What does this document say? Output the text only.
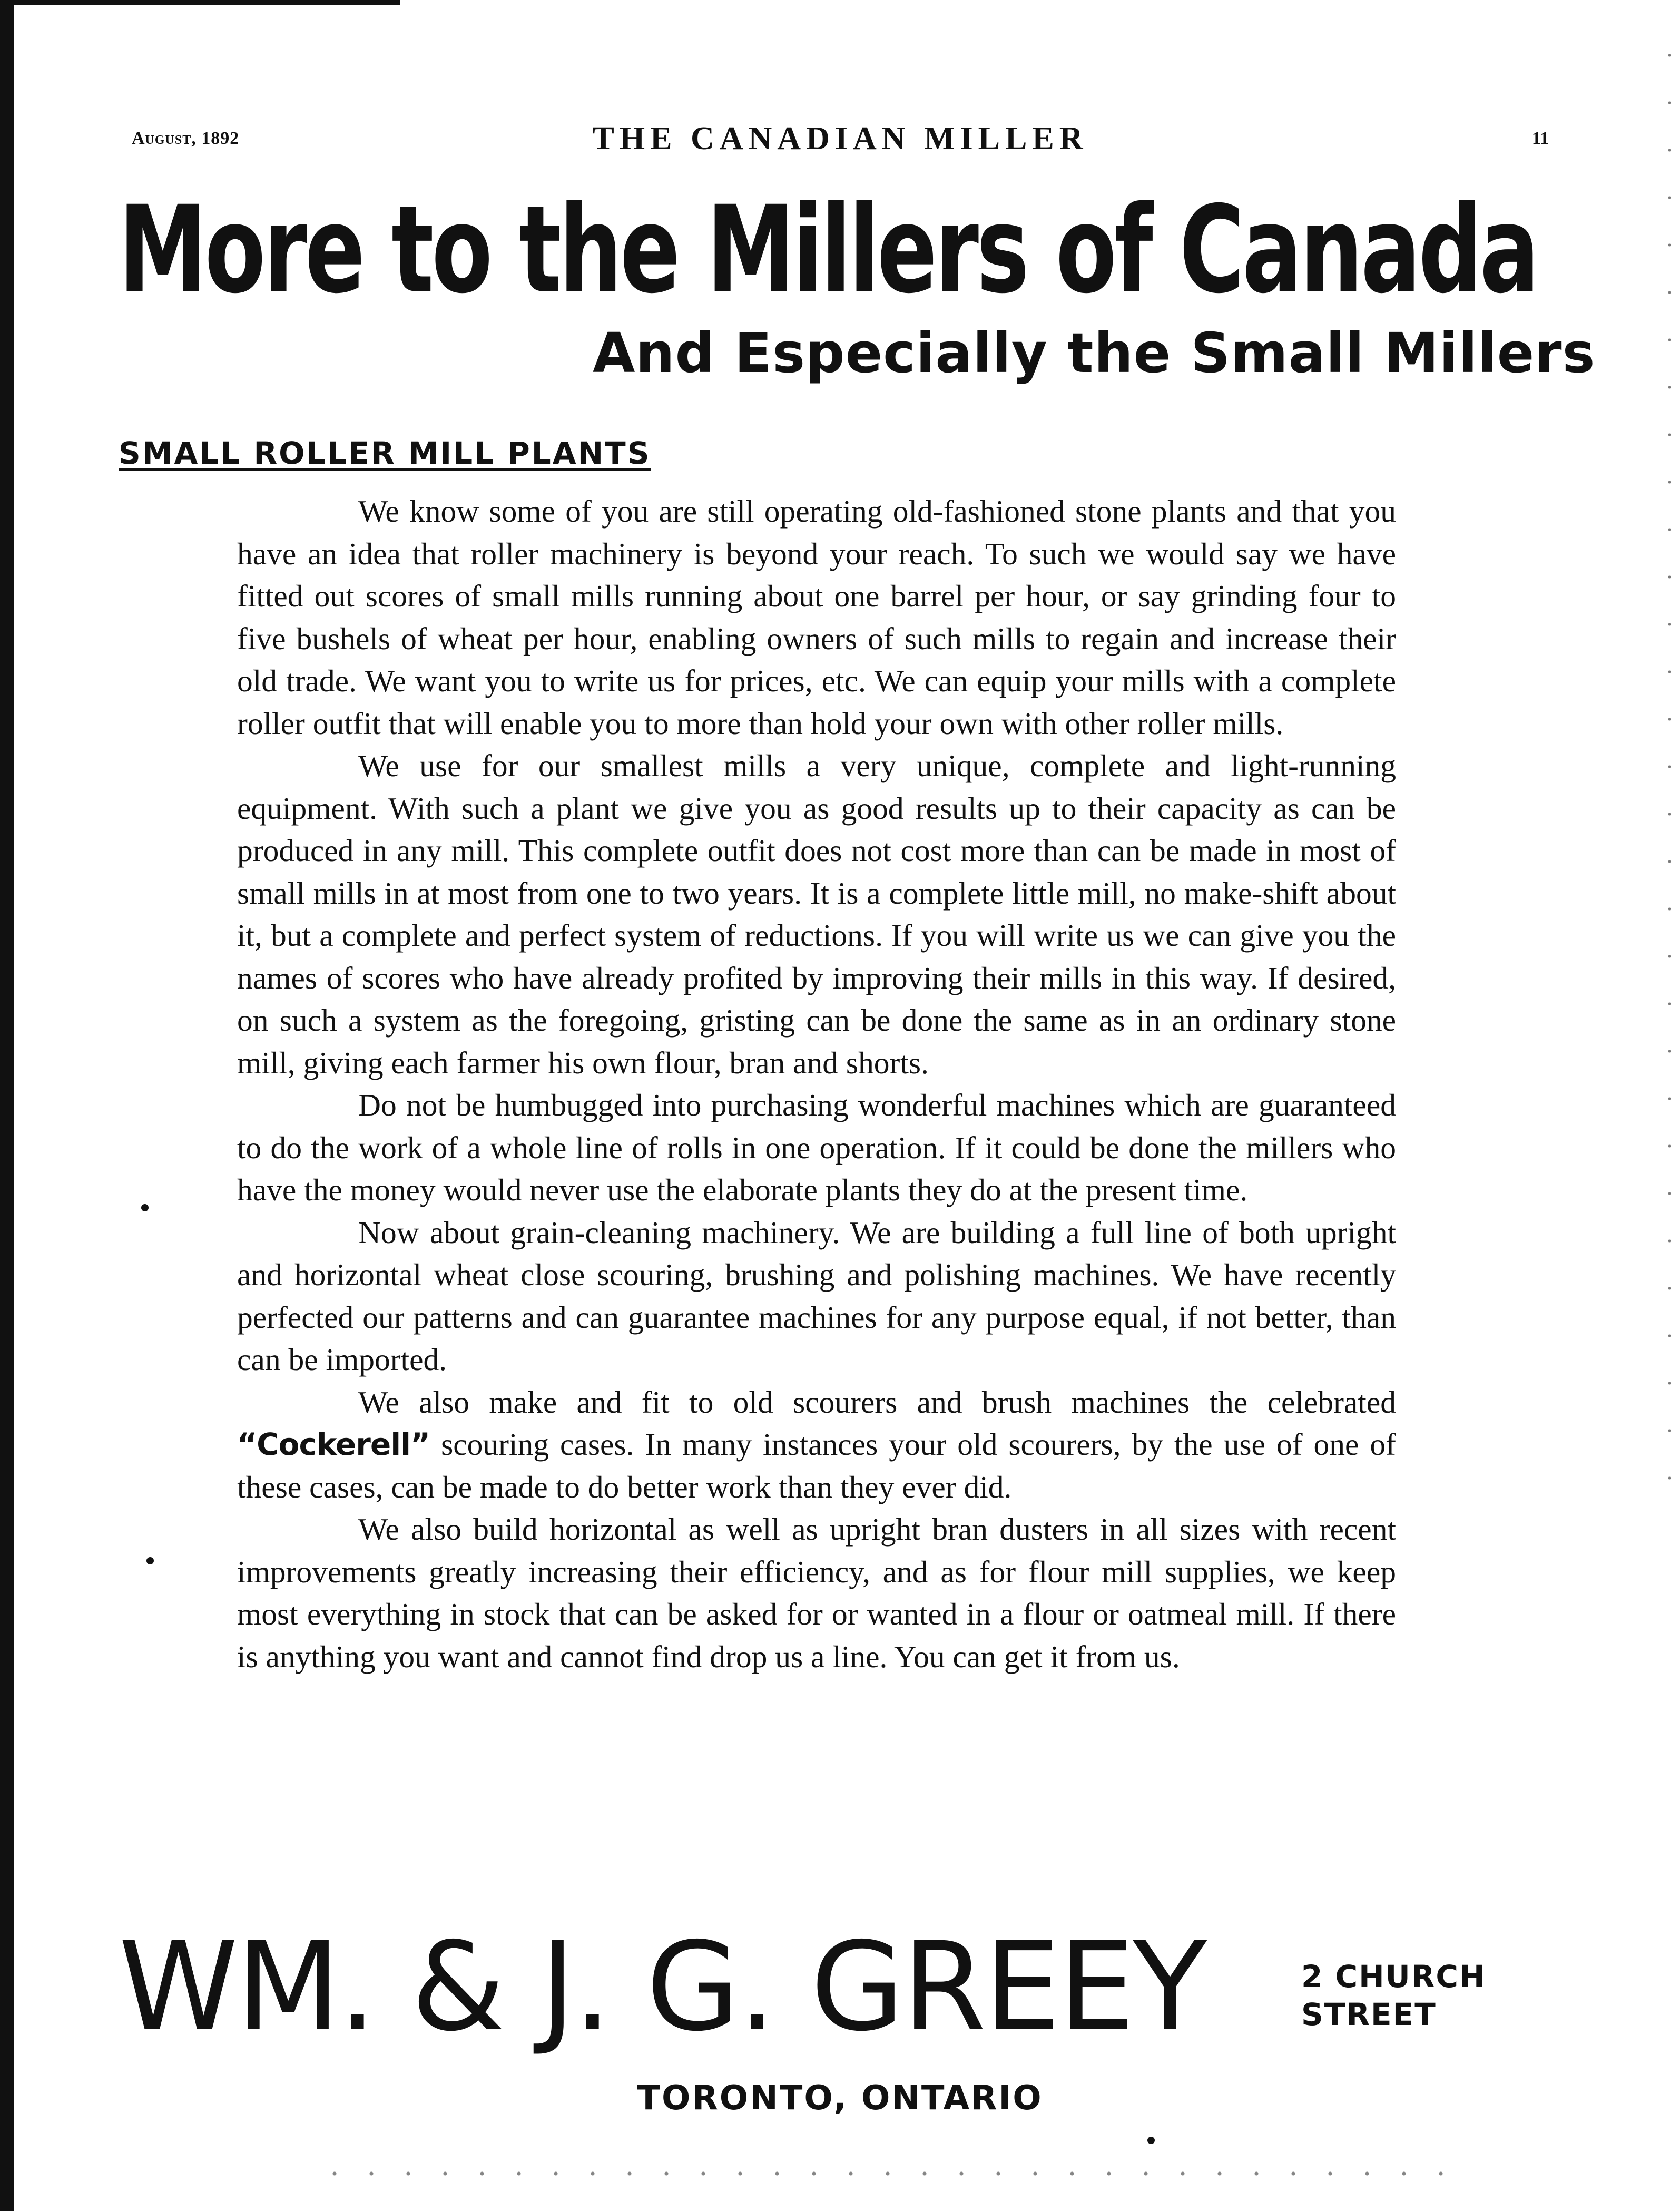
August, 1892	THE CANADIAN MILLER	11
More to the Millers of Canada
And Especially the Small Millers
SMALL ROLLER MILL PLANTS

We know some of you are still operating old-fashioned stone plants and that you have an idea that roller machinery is beyond your reach. To such we would say we have fitted out scores of small mills running about one barrel per hour, or say grinding four to five bushels of wheat per hour, enabling owners of such mills to regain and increase their old trade. We want you to write us for prices, etc. We can equip your mills with a complete roller outfit that will enable you to more than hold your own with other roller mills.

We use for our smallest mills a very unique, complete and light-running equipment. With such a plant we give you as good results up to their capacity as can be produced in any mill. This complete outfit does not cost more than can be made in most of small mills in at most from one to two years. It is a complete little mill, no make-shift about it, but a complete and perfect system of reductions. If you will write us we can give you the names of scores who have already profited by improving their mills in this way. If desired, on such a system as the foregoing, gristing can be done the same as in an ordinary stone mill, giving each farmer his own flour, bran and shorts.

Do not be humbugged into purchasing wonderful machines which are guaranteed to do the work of a whole line of rolls in one operation. If it could be done the millers who have the money would never use the elaborate plants they do at the present time.

Now about grain-cleaning machinery. We are building a full line of both upright and horizontal wheat close scouring, brushing and polishing machines. We have recently perfected our patterns and can guarantee machines for any purpose equal, if not better, than can be imported.

We also make and fit to old scourers and brush machines the celebrated “Cockerell” scouring cases. In many instances your old scourers, by the use of one of these cases, can be made to do better work than they ever did.

We also build horizontal as well as upright bran dusters in all sizes with recent improvements greatly increasing their efficiency, and as for flour mill supplies, we keep most everything in stock that can be asked for or wanted in a flour or oatmeal mill. If there is anything you want and cannot find drop us a line. You can get it from us.

WM. & J. G. GREEY	2 CHURCH
STREET
TORONTO, ONTARIO
